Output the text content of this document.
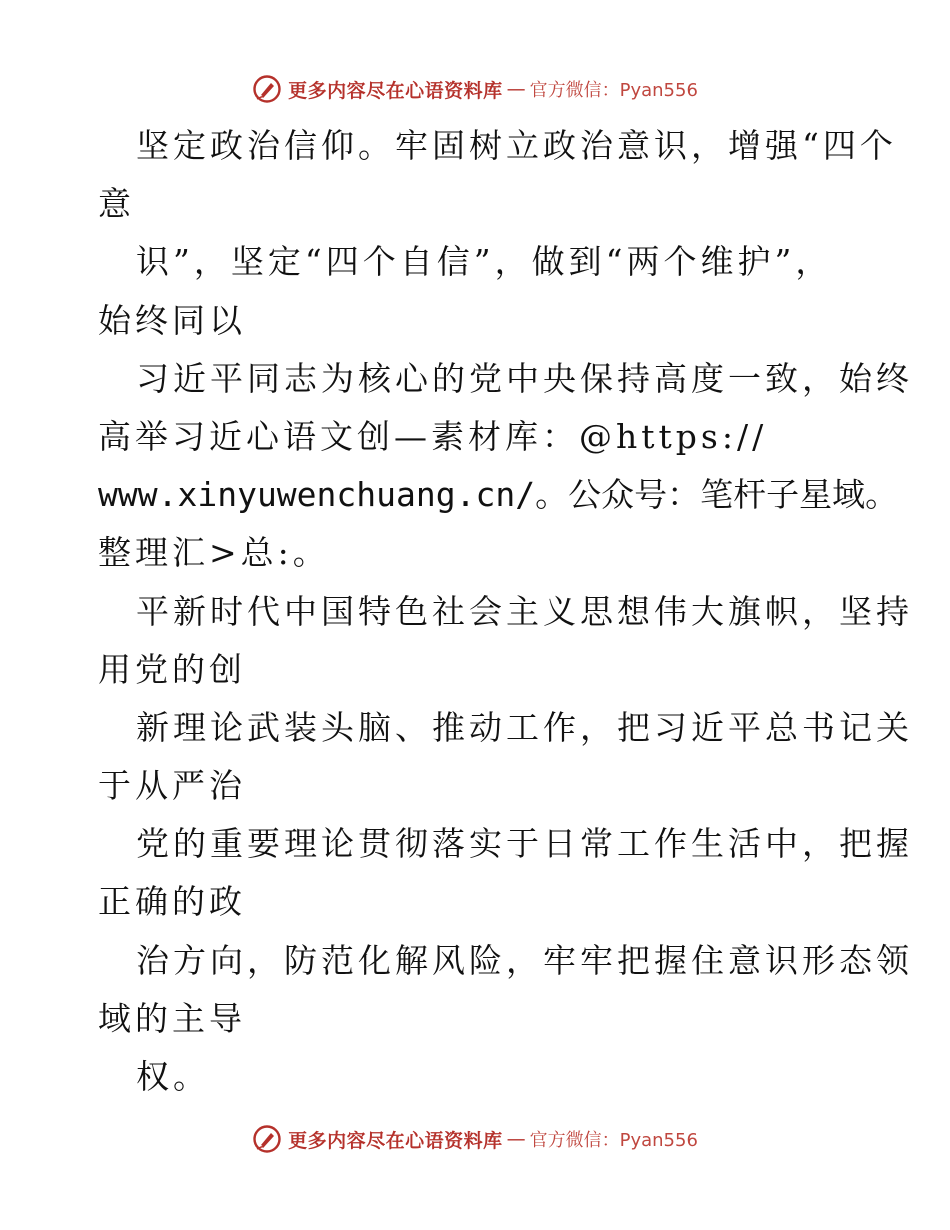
更多内容尽在心语资料库 — 官方微信：Pyan556
坚定政治信仰。牢固树立政治意识，增强“四个
意
识”，坚定“四个自信”，做到“两个维护”，
始终同以
习近平同志为核心的党中央保持高度一致，始终
高举习近心语文创—素材库：@https://
www.xinyuwenchuang.cn/。公众号：笔杆子星域。
整理汇>总:。
平新时代中国特色社会主义思想伟大旗帜，坚持
用党的创
新理论武装头脑、推动工作，把习近平总书记关
于从严治
党的重要理论贯彻落实于日常工作生活中，把握
正确的政
治方向，防范化解风险，牢牢把握住意识形态领
域的主导
权。
更多内容尽在心语资料库 — 官方微信：Pyan556
